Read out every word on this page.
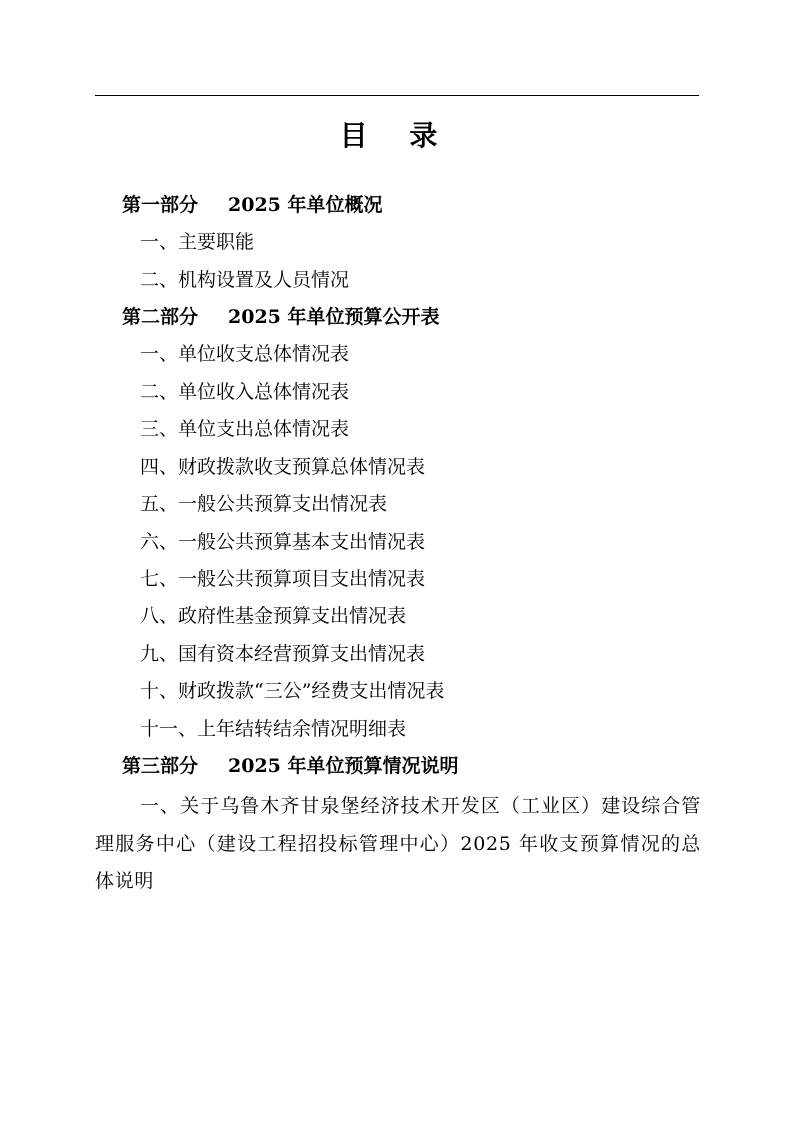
目 录
第一部分 2025 年单位概况
一、主要职能
二、机构设置及人员情况
第二部分 2025 年单位预算公开表
一、单位收支总体情况表
二、单位收入总体情况表
三、单位支出总体情况表
四、财政拨款收支预算总体情况表
五、一般公共预算支出情况表
六、一般公共预算基本支出情况表
七、一般公共预算项目支出情况表
八、政府性基金预算支出情况表
九、国有资本经营预算支出情况表
十、财政拨款“三公”经费支出情况表
十一、上年结转结余情况明细表
第三部分 2025 年单位预算情况说明
一、关于乌鲁木齐甘泉堡经济技术开发区（工业区）建设综合管理服务中心（建设工程招投标管理中心）2025 年收支预算情况的总体说明
